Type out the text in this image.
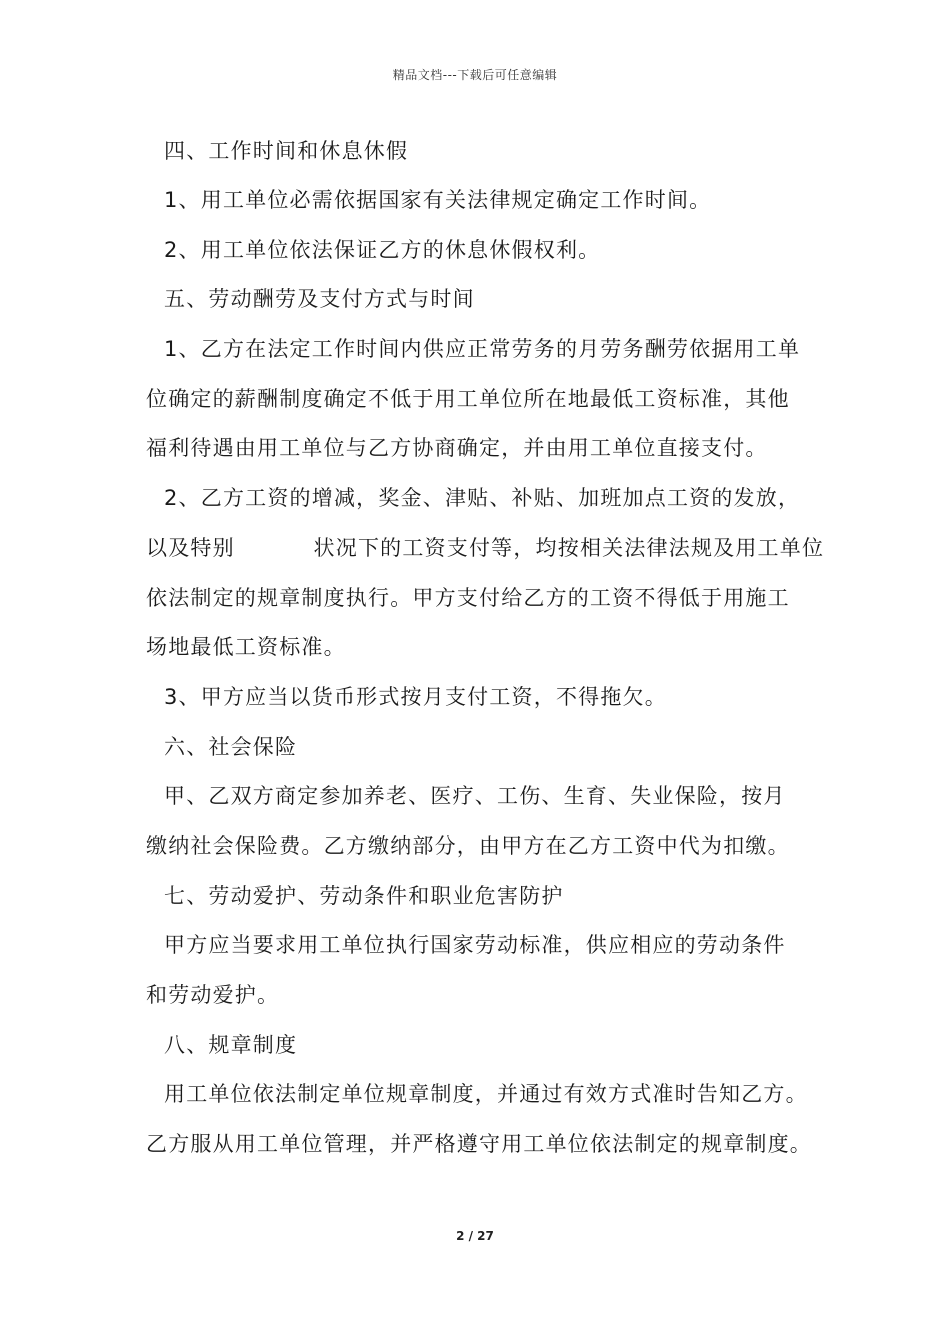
精品文档---下载后可任意编辑
四、工作时间和休息休假
1、用工单位必需依据国家有关法律规定确定工作时间。
2、用工单位依法保证乙方的休息休假权利。
五、劳动酬劳及支付方式与时间
1、乙方在法定工作时间内供应正常劳务的月劳务酬劳依据用工单
位确定的薪酬制度确定不低于用工单位所在地最低工资标准，其他
福利待遇由用工单位与乙方协商确定，并由用工单位直接支付。
2、乙方工资的增减，奖金、津贴、补贴、加班加点工资的发放，
以及特别          状况下的工资支付等，均按相关法律法规及用工单位
依法制定的规章制度执行。甲方支付给乙方的工资不得低于用施工
场地最低工资标准。
3、甲方应当以货币形式按月支付工资，不得拖欠。
六、社会保险
甲、乙双方商定参加养老、医疗、工伤、生育、失业保险，按月
缴纳社会保险费。乙方缴纳部分，由甲方在乙方工资中代为扣缴。
七、劳动爱护、劳动条件和职业危害防护
甲方应当要求用工单位执行国家劳动标准，供应相应的劳动条件
和劳动爱护。
八、规章制度
用工单位依法制定单位规章制度，并通过有效方式准时告知乙方。
乙方服从用工单位管理，并严格遵守用工单位依法制定的规章制度。
2 / 27
